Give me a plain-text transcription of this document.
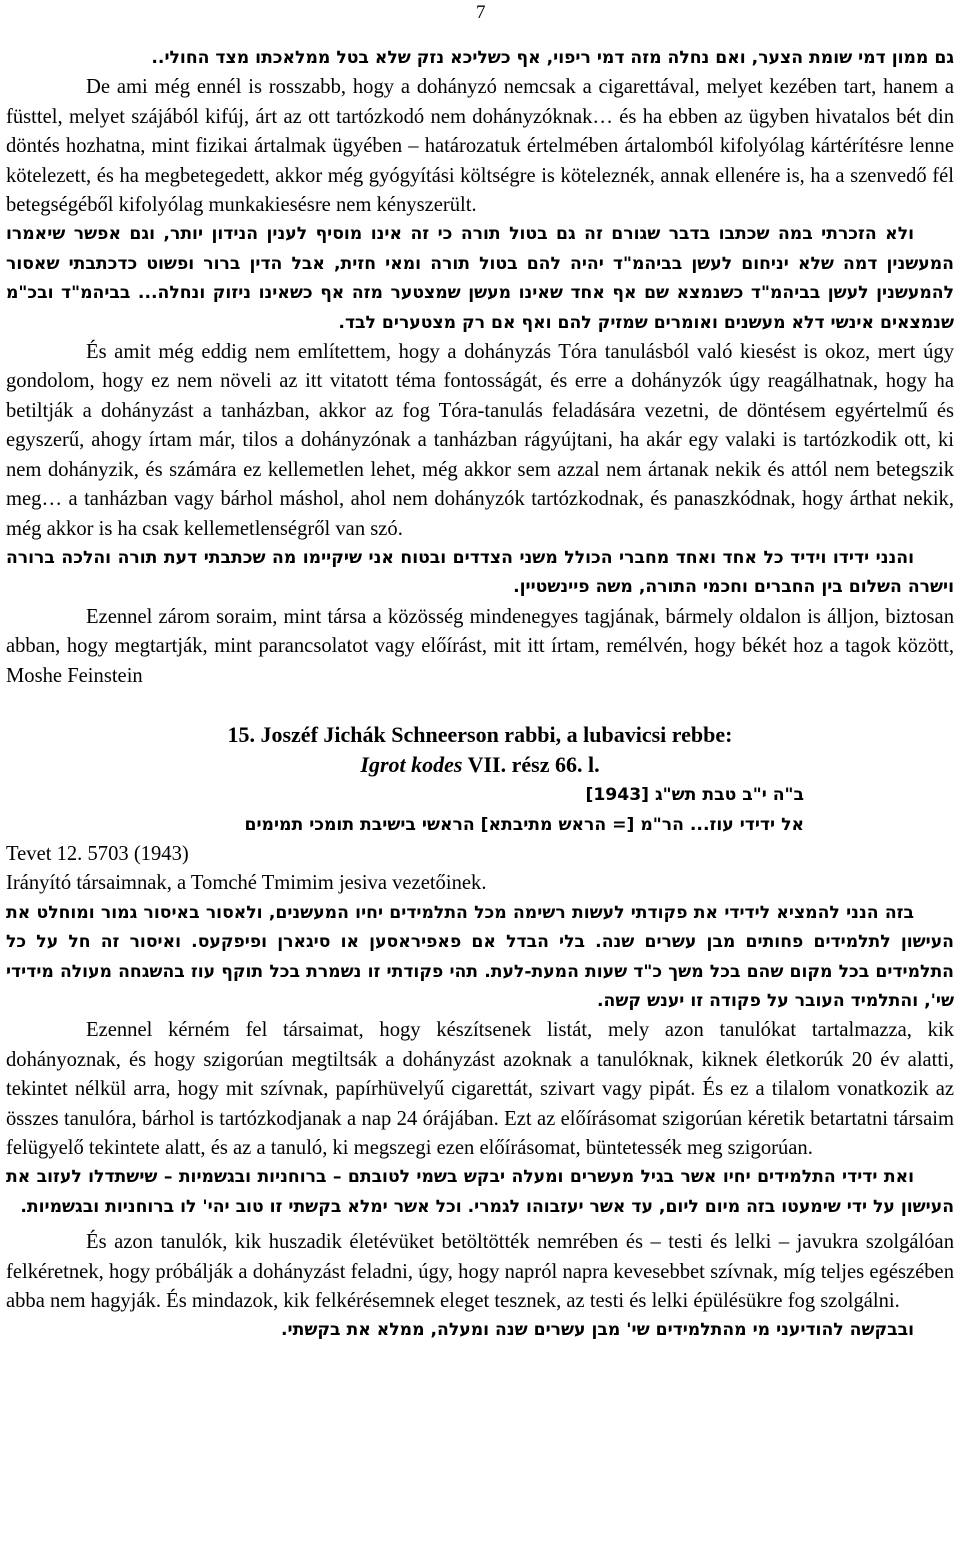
7

גם ממון דמי שומת הצער, ואם נחלה מזה דמי ריפוי, אף כשליכא נזק שלא בטל ממלאכתו מצד החולי..

De ami még ennél is rosszabb, hogy a dohányzó nemcsak a cigarettával, melyet kezében tart, hanem a füsttel, melyet szájából kifúj, árt az ott tartózkodó nem dohányzóknak… és ha ebben az ügyben hivatalos bét din döntés hozhatna, mint fizikai ártalmak ügyében – határozatuk értelmében ártalomból kifolyólag kártérítésre lenne kötelezett, és ha megbetegedett, akkor még gyógyítási költségre is köteleznék, annak ellenére is, ha a szenvedő fél betegségéből kifolyólag munkakiesésre nem kényszerült.

ולא הזכרתי במה שכתבו בדבר שגורם זה גם בטול תורה כי זה אינו מוסיף לענין הנידון יותר, וגם אפשר שיאמרו המעשנין דמה שלא יניחום לעשן בביהמ"ד יהיה להם בטול תורה ומאי חזית, אבל הדין ברור ופשוט כדכתבתי שאסור להמעשנין לעשן בביהמ"ד כשנמצא שם אף אחד שאינו מעשן שמצטער מזה אף כשאינו ניזוק ונחלה... בביהמ"ד ובכ"מ שנמצאים אינשי דלא מעשנים ואומרים שמזיק להם ואף אם רק מצטערים לבד.

És amit még eddig nem említettem, hogy a dohányzás Tóra tanulásból való kiesést is okoz, mert úgy gondolom, hogy ez nem növeli az itt vitatott téma fontosságát, és erre a dohányzók úgy reagálhatnak, hogy ha betiltják a dohányzást a tanházban, akkor az fog Tóra-tanulás feladására vezetni, de döntésem egyértelmű és egyszerű, ahogy írtam már, tilos a dohányzónak a tanházban rágyújtani, ha akár egy valaki is tartózkodik ott, ki nem dohányzik, és számára ez kellemetlen lehet, még akkor sem azzal nem ártanak nekik és attól nem betegszik meg… a tanházban vagy bárhol máshol, ahol nem dohányzók tartózkodnak, és panaszkódnak, hogy árthat nekik, még akkor is ha csak kellemetlenségről van szó.

והנני ידידו וידיד כל אחד ואחד מחברי הכולל משני הצדדים ובטוח אני שיקיימו מה שכתבתי דעת תורה והלכה ברורה וישרה השלום בין החברים וחכמי התורה, משה פיינשטיין.

Ezennel zárom soraim, mint társa a közösség mindenegyes tagjának, bármely oldalon is álljon, biztosan abban, hogy megtartják, mint parancsolatot vagy előírást, mit itt írtam, remélvén, hogy békét hoz a tagok között, Moshe Feinstein

15. Joszéf Jichák Schneerson rabbi, a lubavicsi rebbe:
Igrot kodes VII. rész 66. l.
ב"ה י"ב טבת תש"ג [1943]
אל ידידי עוז... הר"מ [= הראש מתיבתא] הראשי בישיבת תומכי תמימים
Tevet 12. 5703 (1943)
Irányító társaimnak, a Tomché Tmimim jesiva vezetőinek.

בזה הנני להמציא לידידי את פקודתי לעשות רשימה מכל התלמידים יחיו המעשנים, ולאסור באיסור גמור ומוחלט את העישון לתלמידים פחותים מבן עשרים שנה. בלי הבדל אם פאפיראסען או סיגארן ופיפקעס. ואיסור זה חל על כל התלמידים בכל מקום שהם בכל משך כ"ד שעות המעת-לעת. תהי פקודתי זו נשמרת בכל תוקף עוז בהשגחה מעולה מידידי שי', והתלמיד העובר על פקודה זו יענש קשה.

Ezennel kérném fel társaimat, hogy készítsenek listát, mely azon tanulókat tartalmazza, kik dohányoznak, és hogy szigorúan megtiltsák a dohányzást azoknak a tanulóknak, kiknek életkorúk 20 év alatti, tekintet nélkül arra, hogy mit szívnak, papírhüvelyű cigarettát, szivart vagy pipát. És ez a tilalom vonatkozik az összes tanulóra, bárhol is tartózkodjanak a nap 24 órájában. Ezt az előírásomat szigorúan kéretik betartatni társaim felügyelő tekintete alatt, és az a tanuló, ki megszegi ezen előírásomat, büntetessék meg szigorúan.

ואת ידידי התלמידים יחיו אשר בגיל מעשרים ומעלה יבקש בשמי לטובתם – ברוחניות ובגשמיות – שישתדלו לעזוב את העישון על ידי שימעטו בזה מיום ליום, עד אשר יעזבוהו לגמרי. וכל אשר ימלא בקשתי זו טוב יהי' לו ברוחניות ובגשמיות.

És azon tanulók, kik huszadik életévüket betöltötték nemrében és – testi és lelki – javukra szolgálóan felkéretnek, hogy próbálják a dohányzást feladni, úgy, hogy napról napra kevesebbet szívnak, míg teljes egészében abba nem hagyják. És mindazok, kik felkérésemnek eleget tesznek, az testi és lelki épülésükre fog szolgálni.

ובבקשה להודיעני מי מהתלמידים שי' מבן עשרים שנה ומעלה, ממלא את בקשתי.
